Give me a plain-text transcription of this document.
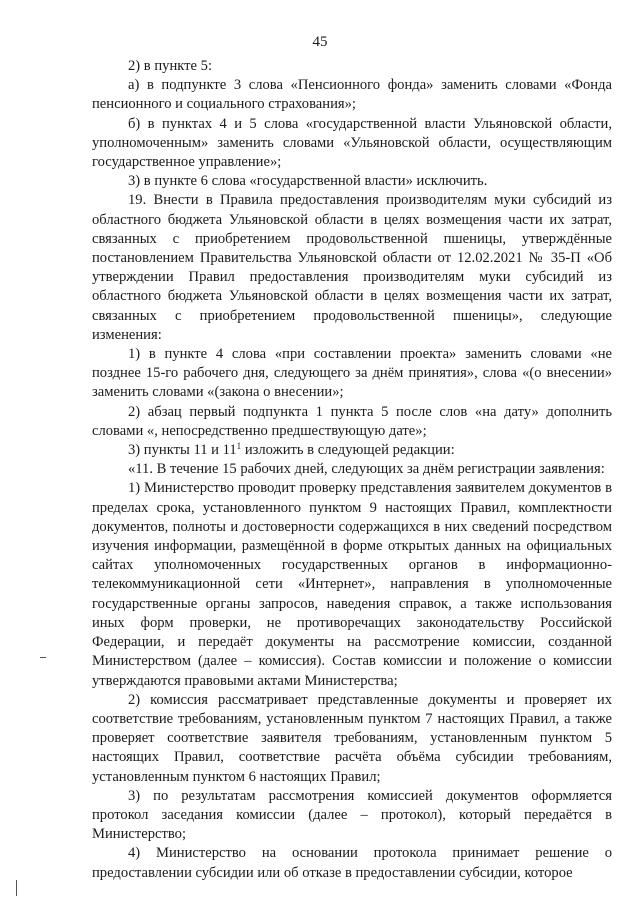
45

2) в пункте 5:

а) в подпункте 3 слова «Пенсионного фонда» заменить словами «Фонда пенсионного и социального страхования»;

б) в пунктах 4 и 5 слова «государственной власти Ульяновской области, уполномоченным» заменить словами «Ульяновской области, осуществляющим государственное управление»;

3) в пункте 6 слова «государственной власти» исключить.

19. Внести в Правила предоставления производителям муки субсидий из областного бюджета Ульяновской области в целях возмещения части их затрат, связанных с приобретением продовольственной пшеницы, утверждённые постановлением Правительства Ульяновской области от 12.02.2021 № 35-П «Об утверждении Правил предоставления производителям муки субсидий из областного бюджета Ульяновской области в целях возмещения части их затрат, связанных с приобретением продовольственной пшеницы», следующие изменения:

1) в пункте 4 слова «при составлении проекта» заменить словами «не позднее 15-го рабочего дня, следующего за днём принятия», слова «(о внесении» заменить словами «(закона о внесении»;

2) абзац первый подпункта 1 пункта 5 после слов «на дату» дополнить словами «, непосредственно предшествующую дате»;

3) пункты 11 и $11^1$ изложить в следующей редакции:

«11. В течение 15 рабочих дней, следующих за днём регистрации заявления:

1) Министерство проводит проверку представления заявителем документов в пределах срока, установленного пунктом 9 настоящих Правил, комплектности документов, полноты и достоверности содержащихся в них сведений посредством изучения информации, размещённой в форме открытых данных на официальных сайтах уполномоченных государственных органов в информационно-телекоммуникационной сети «Интернет», направления в уполномоченные государственные органы запросов, наведения справок, а также использования иных форм проверки, не противоречащих законодательству Российской Федерации, и передаёт документы на рассмотрение комиссии, созданной Министерством (далее – комиссия). Состав комиссии и положение о комиссии утверждаются правовыми актами Министерства;

2) комиссия рассматривает представленные документы и проверяет их соответствие требованиям, установленным пунктом 7 настоящих Правил, а также проверяет соответствие заявителя требованиям, установленным пунктом 5 настоящих Правил, соответствие расчёта объёма субсидии требованиям, установленным пунктом 6 настоящих Правил;

3) по результатам рассмотрения комиссией документов оформляется протокол заседания комиссии (далее – протокол), который передаётся в Министерство;

4) Министерство на основании протокола принимает решение о предоставлении субсидии или об отказе в предоставлении субсидии, которое
